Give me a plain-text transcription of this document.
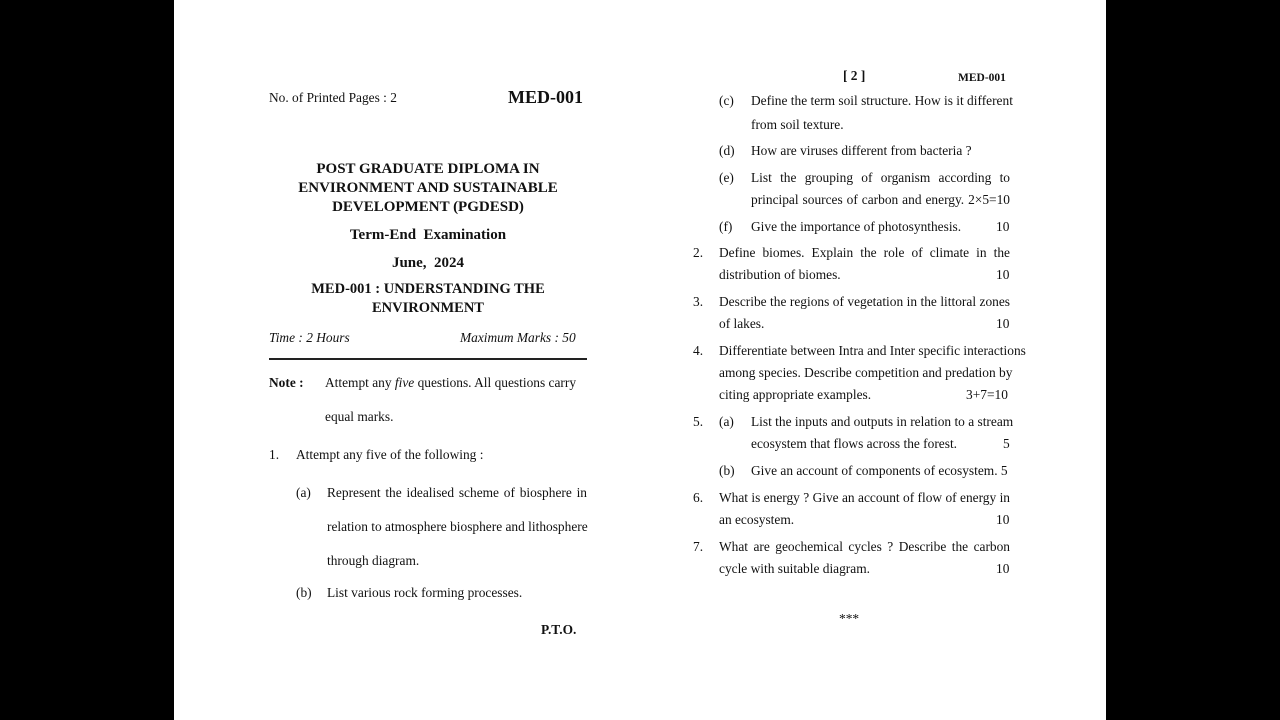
No. of Printed Pages : 2	MED-001
POST GRADUATE DIPLOMA IN
ENVIRONMENT AND SUSTAINABLE
DEVELOPMENT (PGDESD)
Term-End  Examination
June,  2024
MED-001 : UNDERSTANDING THE
ENVIRONMENT
Time : 2 Hours	Maximum Marks : 50
Note : Attempt any five questions. All questions carry
equal marks.
1. Attempt any five of the following :
(a) Represent the idealised scheme of biosphere in
relation to atmosphere biosphere and lithosphere
through diagram.
(b) List various rock forming processes.
P.T.O.
[ 2 ]	MED-001
(c) Define the term soil structure. How is it different
from soil texture.
(d) How are viruses different from bacteria ?
(e) List the grouping of organism according to
principal sources of carbon and energy. 2×5=10
(f) Give the importance of photosynthesis.	10
2. Define biomes. Explain the role of climate in the
distribution of biomes.	10
3. Describe the regions of vegetation in the littoral zones
of lakes.	10
4. Differentiate between Intra and Inter specific interactions
among species. Describe competition and predation by
citing appropriate examples.	3+7=10
5. (a) List the inputs and outputs in relation to a stream
ecosystem that flows across the forest.	5
(b) Give an account of components of ecosystem. 5
6. What is energy ? Give an account of flow of energy in
an ecosystem.	10
7. What are geochemical cycles ? Describe the carbon
cycle with suitable diagram.	10
***
